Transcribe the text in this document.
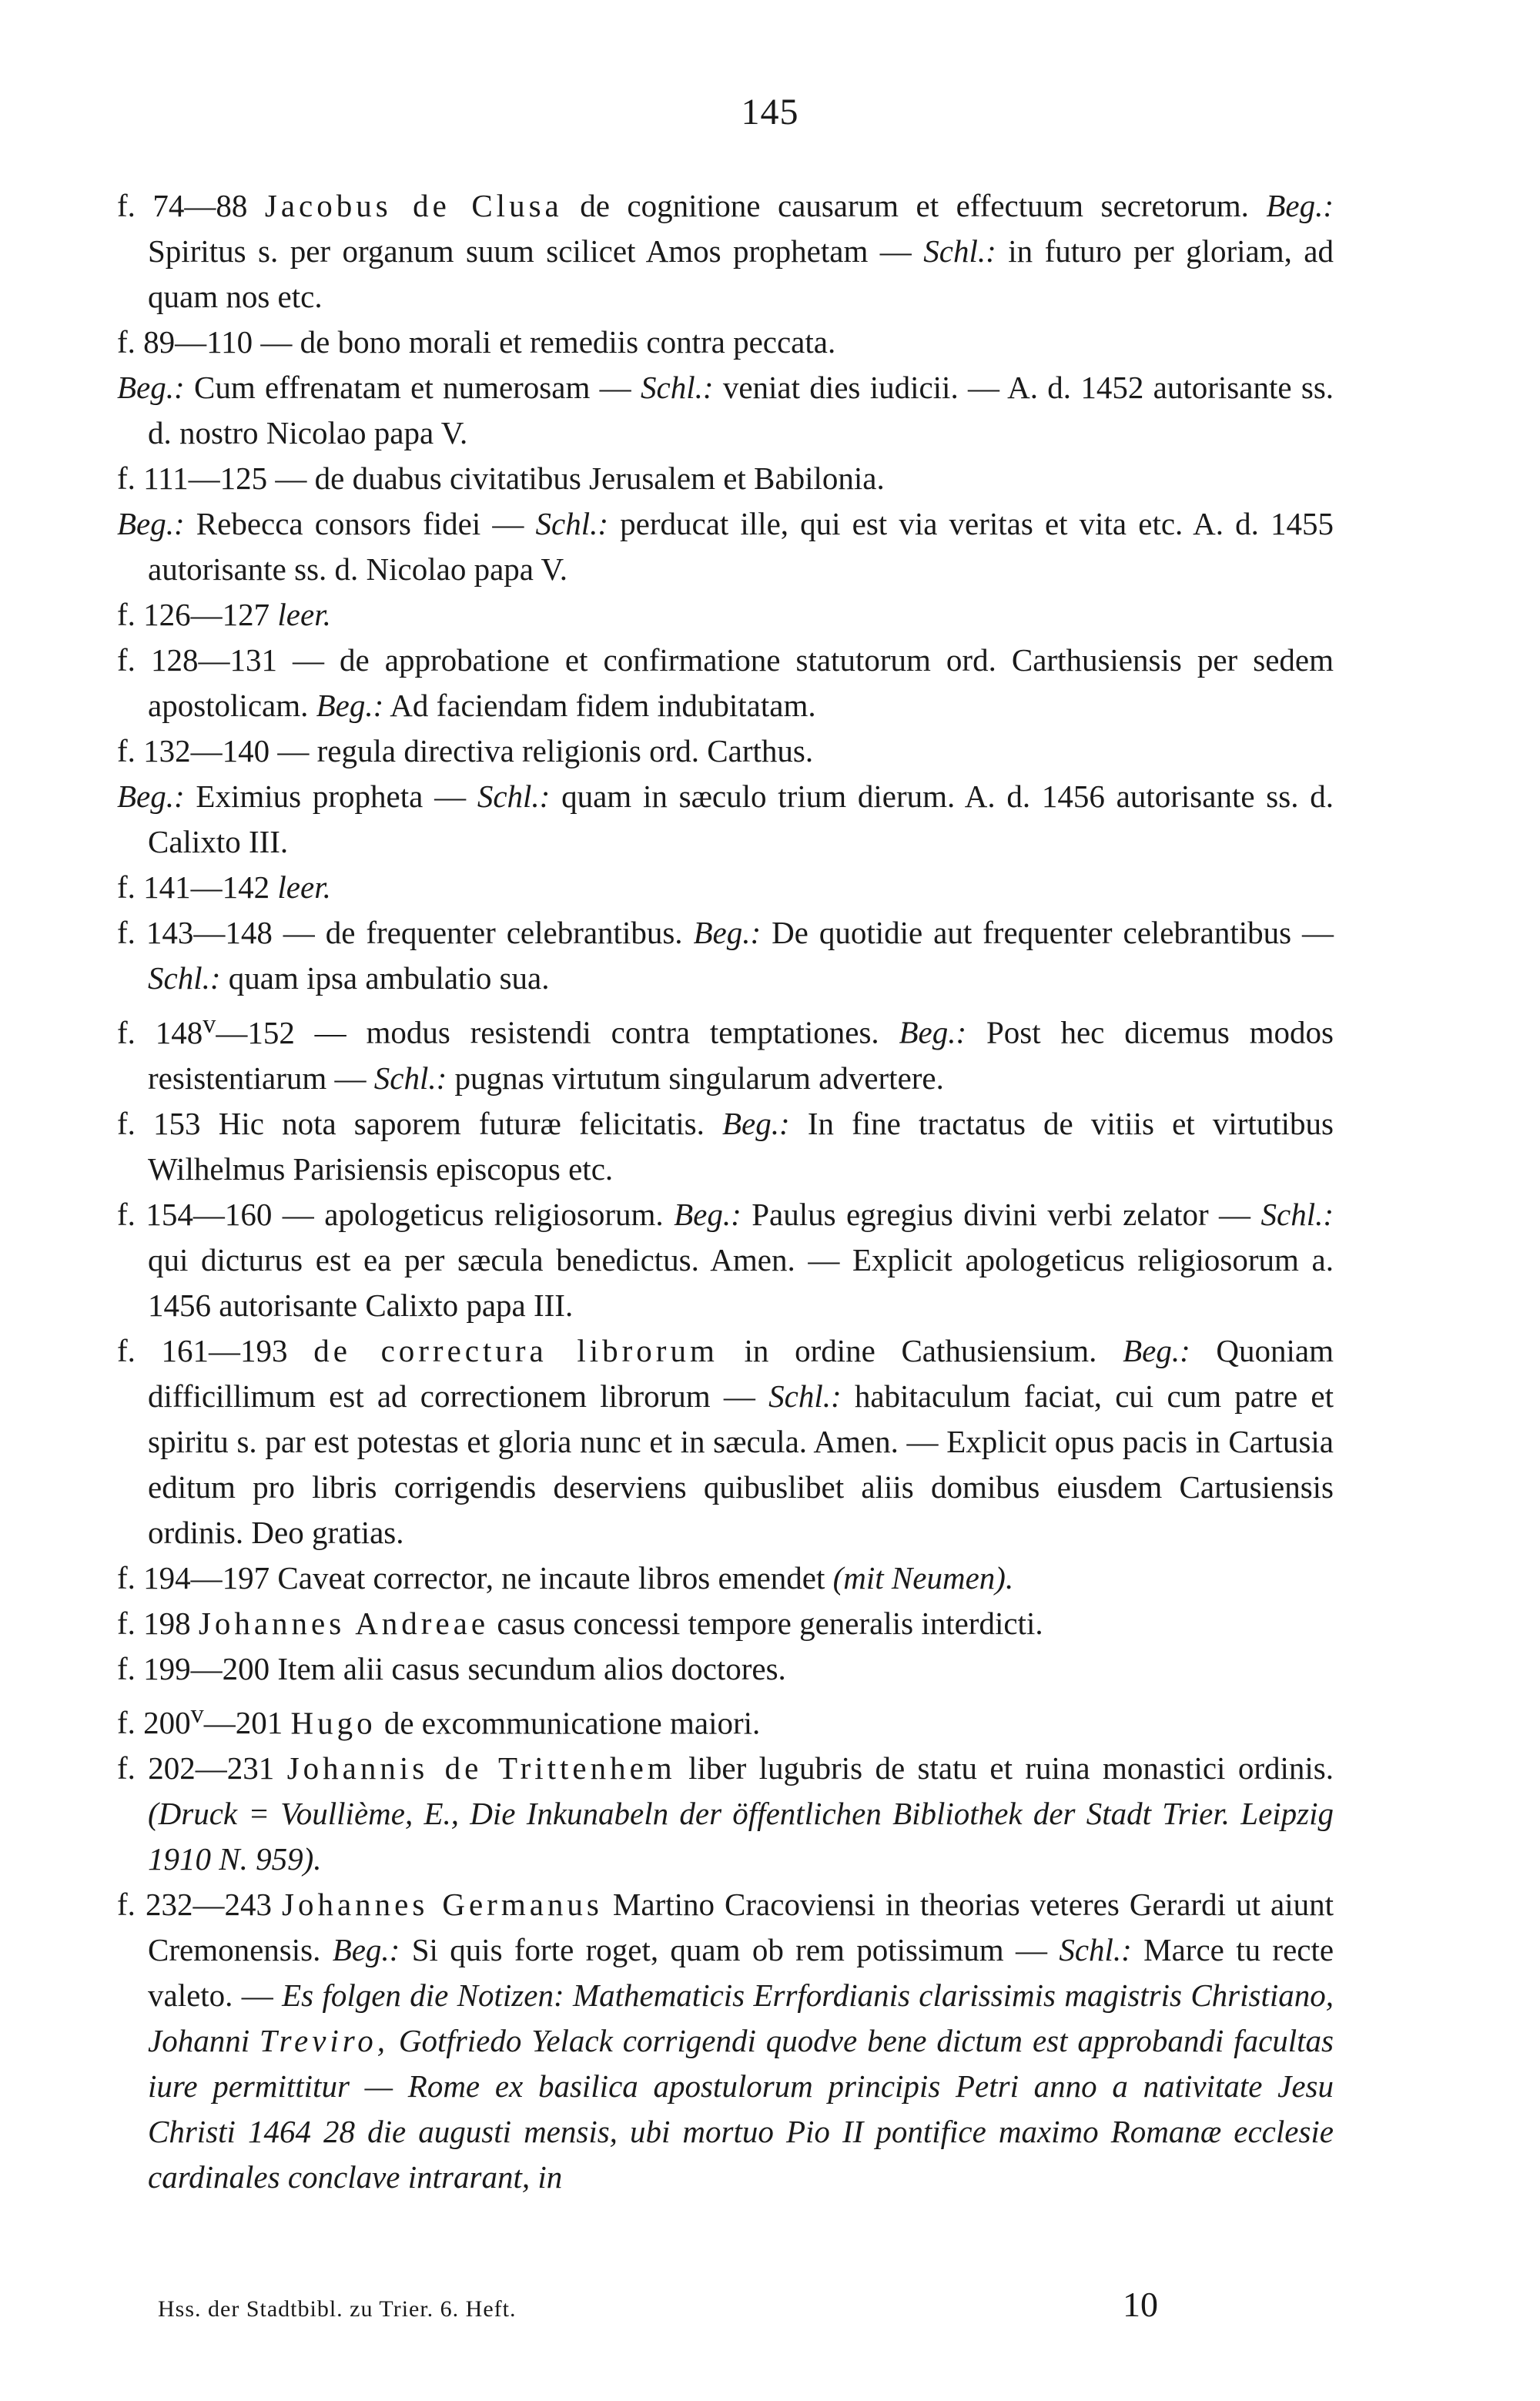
145

f. 74—88 Jacobus de Clusa de cognitione causarum et effectuum secretorum. Beg.: Spiritus s. per organum suum scilicet Amos prophetam — Schl.: in futuro per gloriam, ad quam nos etc.

f. 89—110 — de bono morali et remediis contra peccata.
Beg.: Cum effrenatam et numerosam — Schl.: veniat dies iudicii. — A. d. 1452 autorisante ss. d. nostro Nicolao papa V.

f. 111—125 — de duabus civitatibus Jerusalem et Babilonia.
Beg.: Rebecca consors fidei — Schl.: perducat ille, qui est via veritas et vita etc. A. d. 1455 autorisante ss. d. Nicolao papa V.

f. 126—127 leer.

f. 128—131 — de approbatione et confirmatione statutorum ord. Carthusiensis per sedem apostolicam. Beg.: Ad faciendam fidem indubitatam.

f. 132—140 — regula directiva religionis ord. Carthus.
Beg.: Eximius propheta — Schl.: quam in sæculo trium dierum. A. d. 1456 autorisante ss. d. Calixto III.

f. 141—142 leer.

f. 143—148 — de frequenter celebrantibus. Beg.: De quotidie aut frequenter celebrantibus — Schl.: quam ipsa ambulatio sua.

f. 148$^v$—152 — modus resistendi contra temptationes. Beg.: Post hec dicemus modos resistentiarum — Schl.: pugnas virtutum singularum advertere.

f. 153 Hic nota saporem futuræ felicitatis. Beg.: In fine tractatus de vitiis et virtutibus Wilhelmus Parisiensis episcopus etc.

f. 154—160 — apologeticus religiosorum. Beg.: Paulus egregius divini verbi zelator — Schl.: qui dicturus est ea per sæcula benedictus. Amen. — Explicit apologeticus religiosorum a. 1456 autorisante Calixto papa III.

f. 161—193 de correctura librorum in ordine Cathusiensium. Beg.: Quoniam difficillimum est ad correctionem librorum — Schl.: habitaculum faciat, cui cum patre et spiritu s. par est potestas et gloria nunc et in sæcula. Amen. — Explicit opus pacis in Cartusia editum pro libris corrigendis deserviens quibuslibet aliis domibus eiusdem Cartusiensis ordinis. Deo gratias.

f. 194—197 Caveat corrector, ne incaute libros emendet (mit Neumen).

f. 198 Johannes Andreae casus concessi tempore generalis interdicti.

f. 199—200 Item alii casus secundum alios doctores.

f. 200$^v$—201 Hugo de excommunicatione maiori.

f. 202—231 Johannis de Trittenhem liber lugubris de statu et ruina monastici ordinis. (Druck = Voullième, E., Die Inkunabeln der öffentlichen Bibliothek der Stadt Trier. Leipzig 1910 N. 959).

f. 232—243 Johannes Germanus Martino Cracoviensi in theorias veteres Gerardi ut aiunt Cremonensis. Beg.: Si quis forte roget, quam ob rem potissimum — Schl.: Marce tu recte valeto. — Es folgen die Notizen: Mathematicis Errfordianis clarissimis magistris Christiano, Johanni Treviro, Gotfriedo Yelack corrigendi quodve bene dictum est approbandi facultas iure permittitur — Rome ex basilica apostulorum principis Petri anno a nativitate Jesu Christi 1464 28 die augusti mensis, ubi mortuo Pio II pontifice maximo Romanæ ecclesie cardinales conclave intrarant, in

Hss. der Stadtbibl. zu Trier. 6. Heft.	10
